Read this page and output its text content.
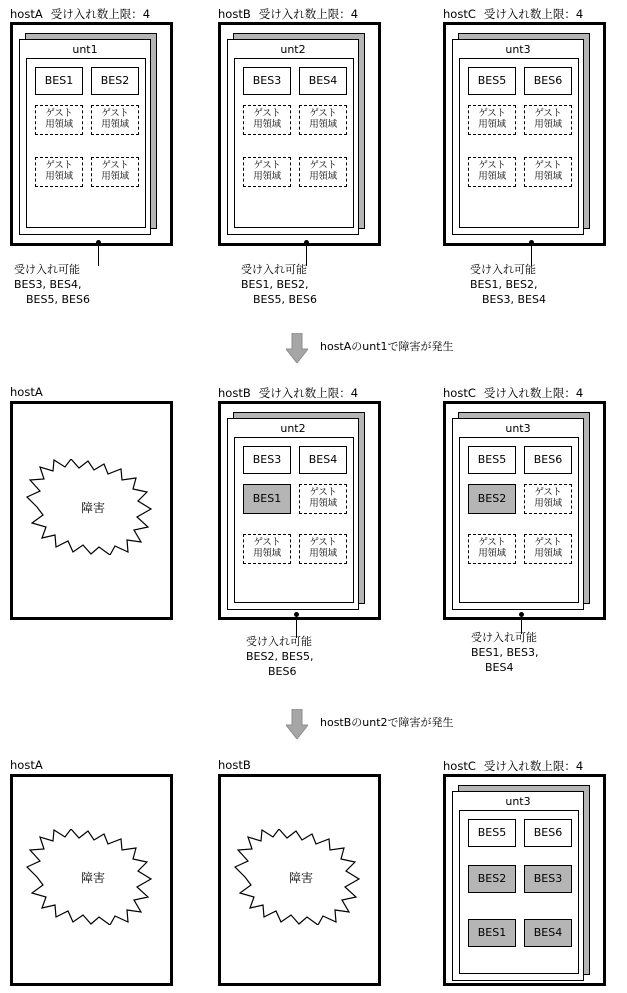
hostA 受け入れ数上限：4
unt1
BES1	BES2
ゲスト
用領域
ゲスト
用領域
ゲスト
用領域
ゲスト
用領域
受け入れ可能
BES3, BES4,
BES5, BES6
hostB 受け入れ数上限：4
unt2
BES3	BES4
ゲスト
用領域
ゲスト
用領域
ゲスト
用領域
ゲスト
用領域
受け入れ可能
BES1, BES2,
BES5, BES6
hostC 受け入れ数上限：4
unt3
BES5	BES6
ゲスト
用領域
ゲスト
用領域
ゲスト
用領域
ゲスト
用領域
受け入れ可能
BES1, BES2,
BES3, BES4
hostAのunt1で障害が発生
hostA
障害
hostB 受け入れ数上限：4
unt2
BES3	BES4
BES1	ゲスト
用領域
ゲスト
用領域
ゲスト
用領域
受け入れ可能
BES2, BES5,
BES6
hostC 受け入れ数上限：4
unt3
BES5	BES6
BES2	ゲスト
用領域
ゲスト
用領域
ゲスト
用領域
受け入れ可能
BES1, BES3,
BES4
hostBのunt2で障害が発生
hostA
障害
hostB
障害
hostC 受け入れ数上限：4
unt3
BES5	BES6
BES2	BES3
BES1	BES4
